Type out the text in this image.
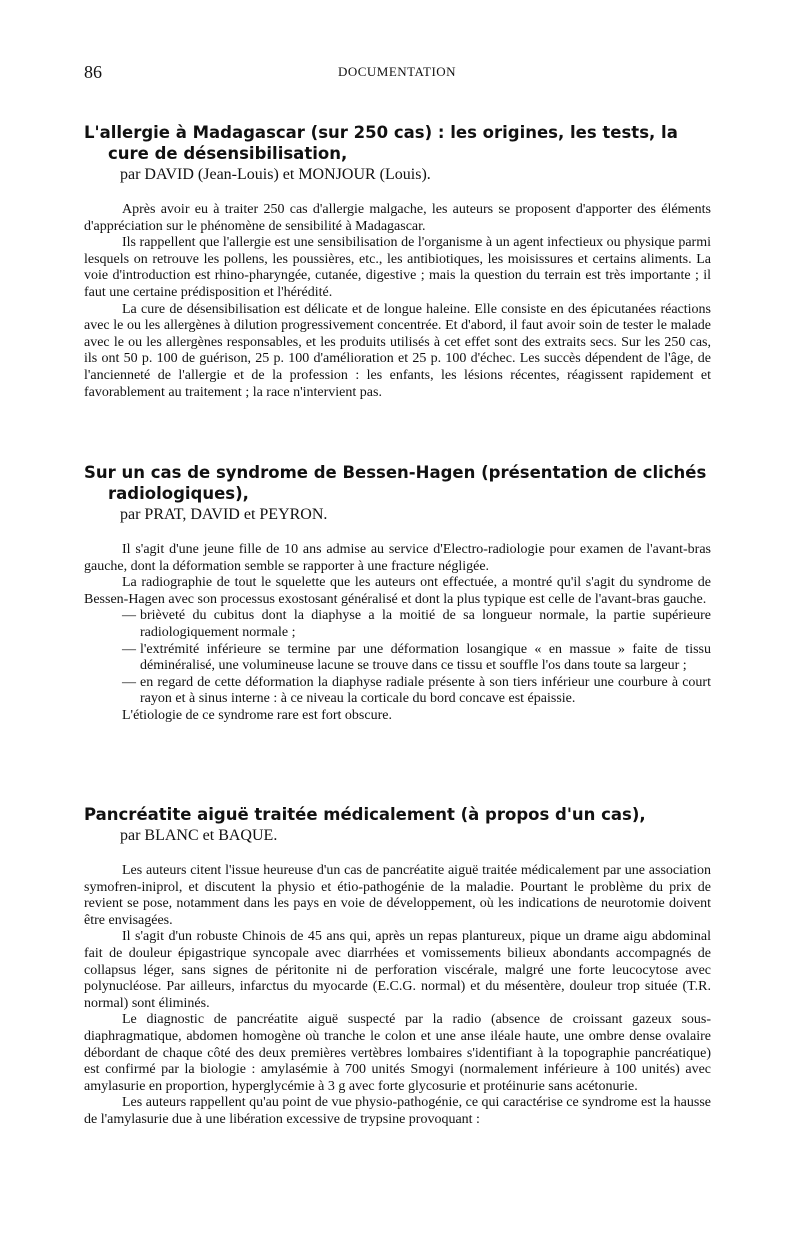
86	DOCUMENTATION
L'allergie à Madagascar (sur 250 cas) : les origines, les tests, la cure de désensibilisation,

par DAVID (Jean-Louis) et MONJOUR (Louis).

Après avoir eu à traiter 250 cas d'allergie malgache, les auteurs se proposent d'apporter des éléments d'appréciation sur le phénomène de sensibilité à Madagascar.

Ils rappellent que l'allergie est une sensibilisation de l'organisme à un agent infectieux ou physique parmi lesquels on retrouve les pollens, les poussières, etc., les antibiotiques, les moisissures et certains aliments. La voie d'introduction est rhino-pharyngée, cutanée, digestive ; mais la question du terrain est très importante ; il faut une certaine prédisposition et l'hérédité.

La cure de désensibilisation est délicate et de longue haleine. Elle consiste en des épicutanées réactions avec le ou les allergènes à dilution progressivement concentrée. Et d'abord, il faut avoir soin de tester le malade avec le ou les allergènes responsables, et les produits utilisés à cet effet sont des extraits secs. Sur les 250 cas, ils ont 50 p. 100 de guérison, 25 p. 100 d'amélioration et 25 p. 100 d'échec. Les succès dépendent de l'âge, de l'ancienneté de l'allergie et de la profession : les enfants, les lésions récentes, réagissent rapidement et favorablement au traitement ; la race n'intervient pas.

Sur un cas de syndrome de Bessen-Hagen (présentation de clichés radiologiques),

par PRAT, DAVID et PEYRON.

Il s'agit d'une jeune fille de 10 ans admise au service d'Electro-radiologie pour examen de l'avant-bras gauche, dont la déformation semble se rapporter à une fracture négligée.

La radiographie de tout le squelette que les auteurs ont effectuée, a montré qu'il s'agit du syndrome de Bessen-Hagen avec son processus exostosant généralisé et dont la plus typique est celle de l'avant-bras gauche.

— brièveté du cubitus dont la diaphyse a la moitié de sa longueur normale, la partie supérieure radiologiquement normale ;
— l'extrémité inférieure se termine par une déformation losangique « en massue » faite de tissu déminéralisé, une volumineuse lacune se trouve dans ce tissu et souffle l'os dans toute sa largeur ;
— en regard de cette déformation la diaphyse radiale présente à son tiers inférieur une courbure à court rayon et à sinus interne : à ce niveau la corticale du bord concave est épaissie.

L'étiologie de ce syndrome rare est fort obscure.

Pancréatite aiguë traitée médicalement (à propos d'un cas),

par BLANC et BAQUE.

Les auteurs citent l'issue heureuse d'un cas de pancréatite aiguë traitée médicalement par une association symofren-iniprol, et discutent la physio et étio-pathogénie de la maladie. Pourtant le problème du prix de revient se pose, notamment dans les pays en voie de développement, où les indications de neurotomie doivent être envisagées.

Il s'agit d'un robuste Chinois de 45 ans qui, après un repas plantureux, pique un drame aigu abdominal fait de douleur épigastrique syncopale avec diarrhées et vomissements bilieux abondants accompagnés de collapsus léger, sans signes de péritonite ni de perforation viscérale, malgré une forte leucocytose avec polynucléose. Par ailleurs, infarctus du myocarde (E.C.G. normal) et du mésentère, douleur trop située (T.R. normal) sont éliminés.

Le diagnostic de pancréatite aiguë suspecté par la radio (absence de croissant gazeux sous-diaphragmatique, abdomen homogène où tranche le colon et une anse iléale haute, une ombre dense ovalaire débordant de chaque côté des deux premières vertèbres lombaires s'identifiant à la topographie pancréatique) est confirmé par la biologie : amylasémie à 700 unités Smogyi (normalement inférieure à 100 unités) avec amylasurie en proportion, hyperglycémie à 3 g avec forte glycosurie et protéinurie sans acétonurie.

Les auteurs rappellent qu'au point de vue physio-pathogénie, ce qui caractérise ce syndrome est la hausse de l'amylasurie due à une libération excessive de trypsine provoquant :
